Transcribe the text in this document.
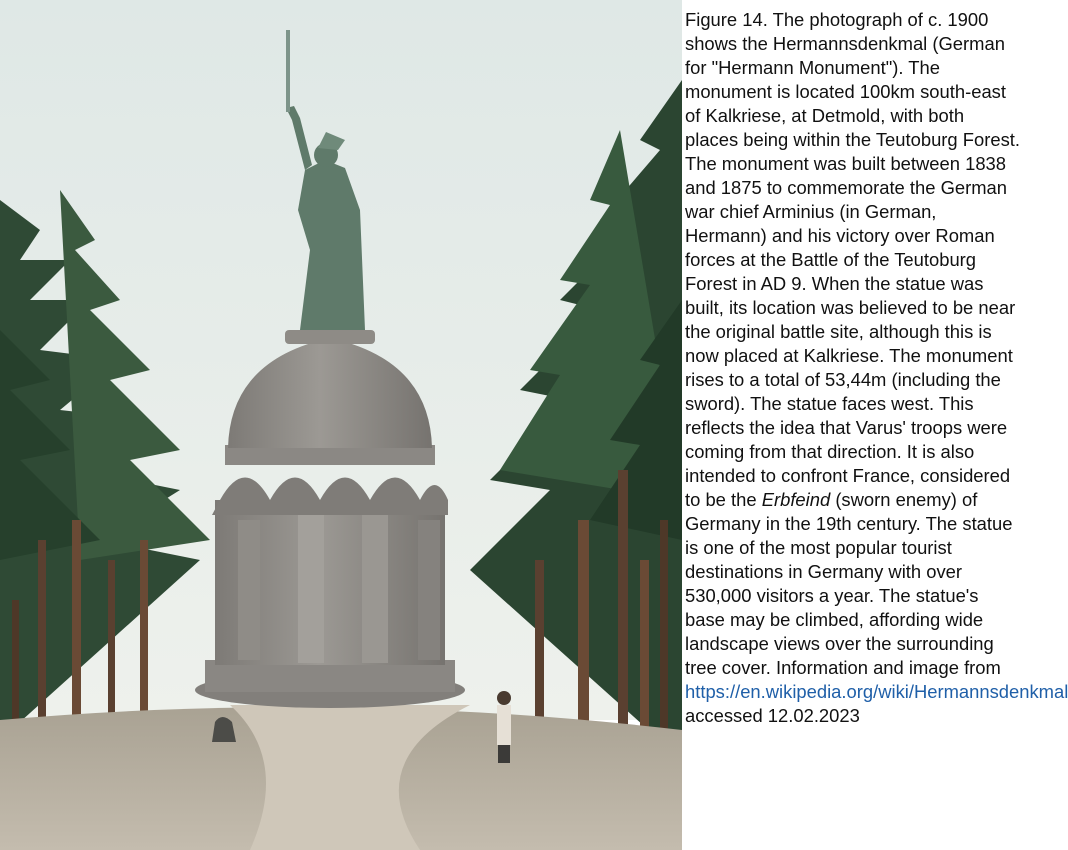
Figure 14. The photograph of c. 1900 shows the Hermannsdenkmal (German for "Hermann Monument"). The monument is located 100km south-east of Kalkriese, at Detmold, with both places being within the Teutoburg Forest. The monument was built between 1838 and 1875 to commemorate the German war chief Arminius (in German, Hermann) and his victory over Roman forces at the Battle of the Teutoburg Forest in AD 9. When the statue was built, its location was believed to be near the original battle site, although this is now placed at Kalkriese. The monument rises to a total of 53,44m (including the sword). The statue faces west. This reflects the idea that Varus' troops were coming from that direction. It is also intended to confront France, considered to be the Erbfeind (sworn enemy) of Germany in the 19th century. The statue is one of the most popular tourist destinations in Germany with over 530,000 visitors a year. The statue's base may be climbed, affording wide landscape views over the surrounding tree cover. Information and image from https://en.wikipedia.org/wiki/Hermannsdenkmal accessed 12.02.2023
